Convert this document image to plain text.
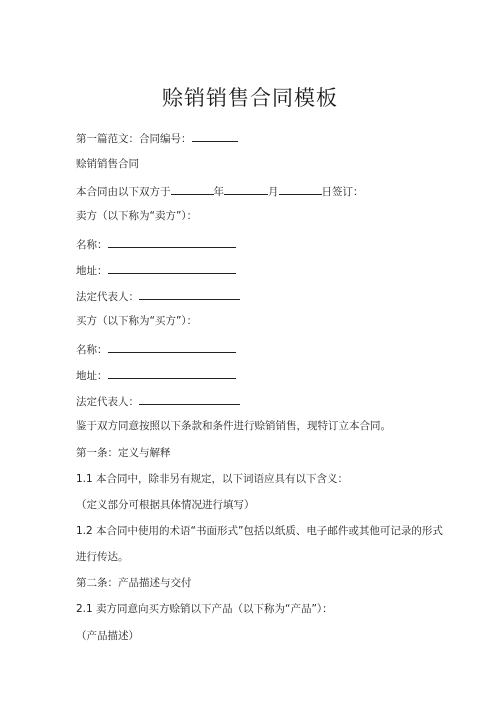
赊销销售合同模板
第一篇范文：合同编号：
赊销销售合同
本合同由以下双方于	年	月	日签订：
卖方（以下称为“卖方”）：
名称：
地址：
法定代表人：
买方（以下称为“买方”）：
名称：
地址：
法定代表人：
鉴于双方同意按照以下条款和条件进行赊销销售，现特订立本合同。
第一条：定义与解释
1.1 本合同中，除非另有规定，以下词语应具有以下含义：
（定义部分可根据具体情况进行填写）
1.2 本合同中使用的术语“书面形式”包括以纸质、电子邮件或其他可记录的形式
进行传达。
第二条：产品描述与交付
2.1 卖方同意向买方赊销以下产品（以下称为“产品”）：
（产品描述）
